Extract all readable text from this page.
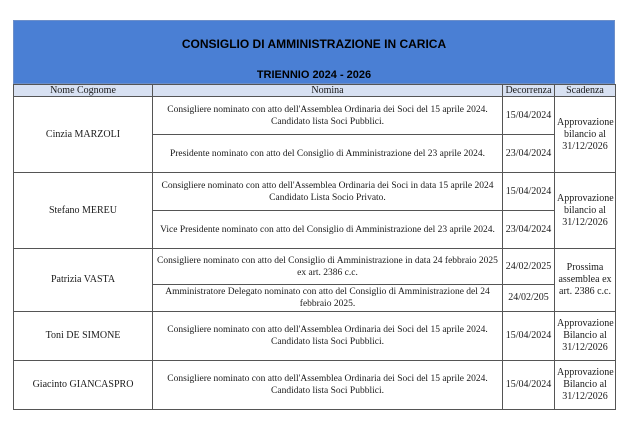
CONSIGLIO DI AMMINISTRAZIONE IN CARICA
TRIENNIO 2024 - 2026
Nome Cognome	Nomina	Decorrenza	Scadenza
Cinzia MARZOLI	Consigliere nominato con atto dell'Assemblea Ordinaria dei Soci del 15 aprile 2024. Candidato lista Soci Pubblici.	15/04/2024	Approvazione bilancio al 31/12/2026
	Presidente nominato con atto del Consiglio di Amministrazione del 23 aprile 2024.	23/04/2024	
Stefano MEREU	Consigliere nominato con atto dell'Assemblea Ordinaria dei Soci in data 15 aprile 2024 Candidato Lista Socio Privato.	15/04/2024	Approvazione bilancio al 31/12/2026
	Vice Presidente nominato con atto del Consiglio di Amministrazione del 23 aprile 2024.	23/04/2024	
Patrizia VASTA	Consigliere nominato con atto del Consiglio di Amministrazione in data 24 febbraio 2025 ex art. 2386 c.c.	24/02/2025	Prossima assemblea ex art. 2386 c.c.
	Amministratore Delegato nominato con atto del Consiglio di Amministrazione del 24 febbraio 2025.	24/02/205	
Toni DE SIMONE	Consigliere nominato con atto dell'Assemblea Ordinaria dei Soci del 15 aprile 2024. Candidato lista Soci Pubblici.	15/04/2024	Approvazione Bilancio al 31/12/2026
Giacinto GIANCASPRO	Consigliere nominato con atto dell'Assemblea Ordinaria dei Soci del 15 aprile 2024. Candidato lista Soci Pubblici.	15/04/2024	Approvazione Bilancio al 31/12/2026
